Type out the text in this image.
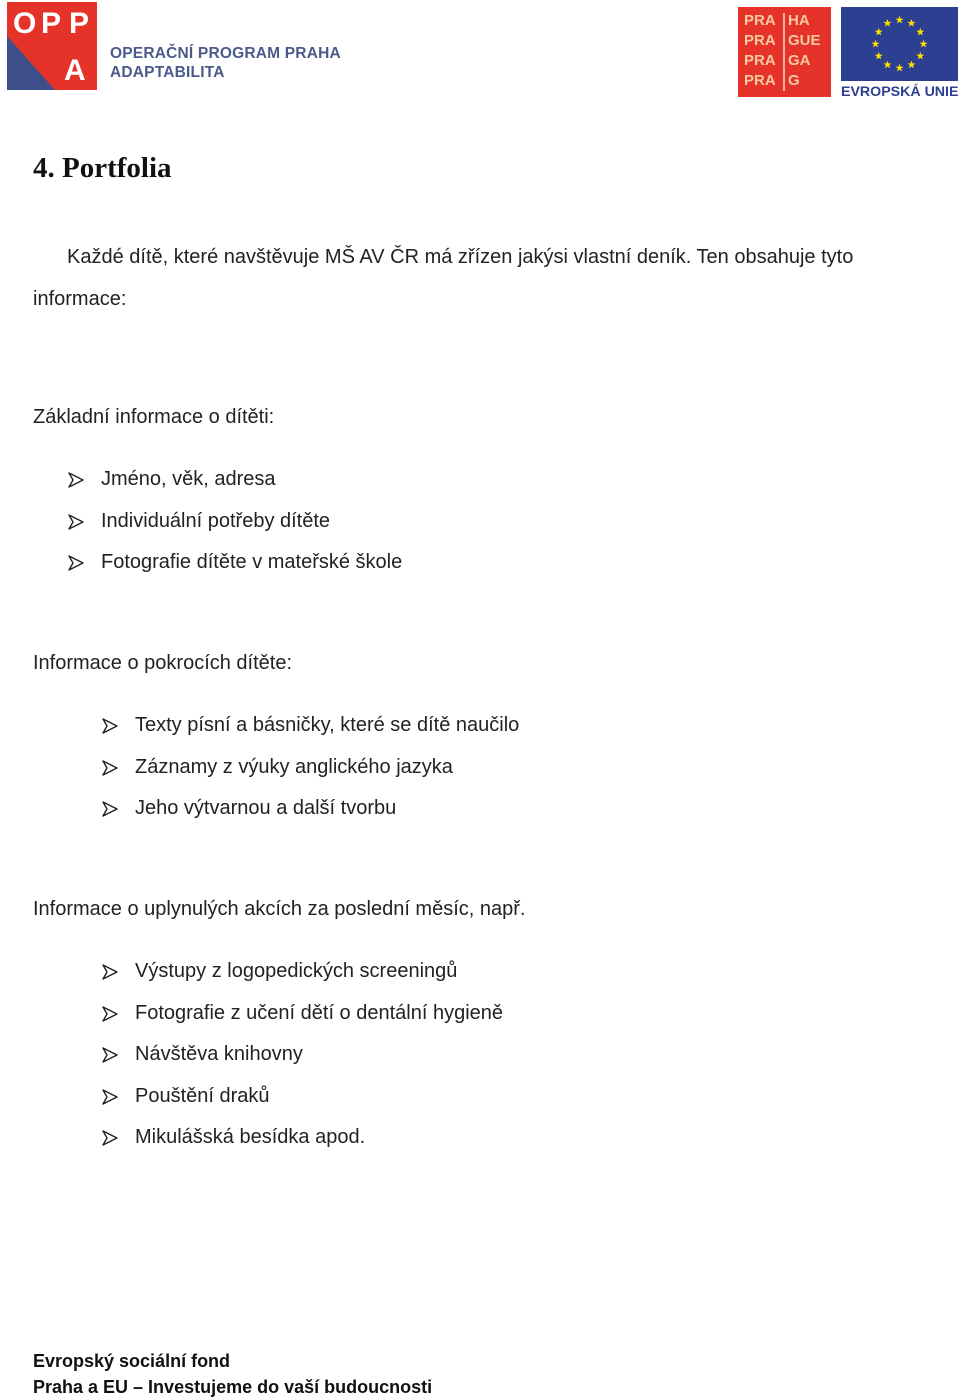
O P P
A
OPERAČNÍ PROGRAM PRAHA
ADAPTABILITA
PRA HA
PRA GUE
PRA GA
PRA G
EVROPSKÁ UNIE
4. Portfolia
Každé dítě, které navštěvuje MŠ AV ČR má zřízen jakýsi vlastní deník. Ten obsahuje tyto
informace:
Základní informace o dítěti:
Jméno, věk, adresa
Individuální potřeby dítěte
Fotografie dítěte v mateřské škole
Informace o pokrocích dítěte:
Texty písní a básničky, které se dítě naučilo
Záznamy z výuky anglického jazyka
Jeho výtvarnou a další tvorbu
Informace o uplynulých akcích za poslední měsíc, např.
Výstupy z logopedických screeningů
Fotografie z učení dětí o dentální hygieně
Návštěva knihovny
Pouštění draků
Mikulášská besídka apod.
Evropský sociální fond
Praha a EU – Investujeme do vaší budoucnosti
